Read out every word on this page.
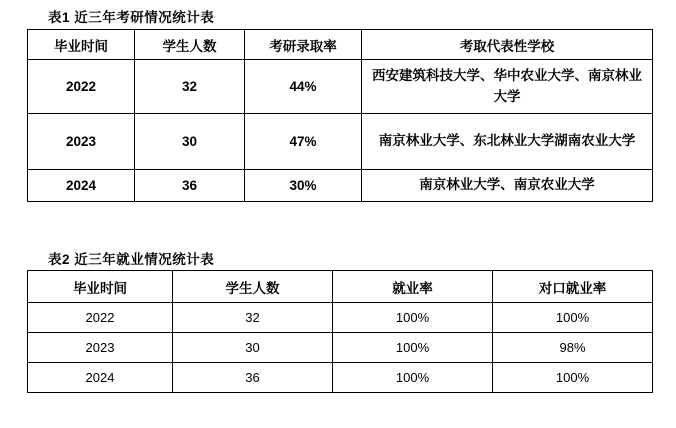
表1 近三年考研情况统计表
毕业时间	学生人数	考研录取率	考取代表性学校
2022	32	44%	西安建筑科技大学、华中农业大学、南京林业大学
2023	30	47%	南京林业大学、东北林业大学湖南农业大学
2024	36	30%	南京林业大学、南京农业大学
表2 近三年就业情况统计表
毕业时间	学生人数	就业率	对口就业率
2022	32	100%	100%
2023	30	100%	98%
2024	36	100%	100%
